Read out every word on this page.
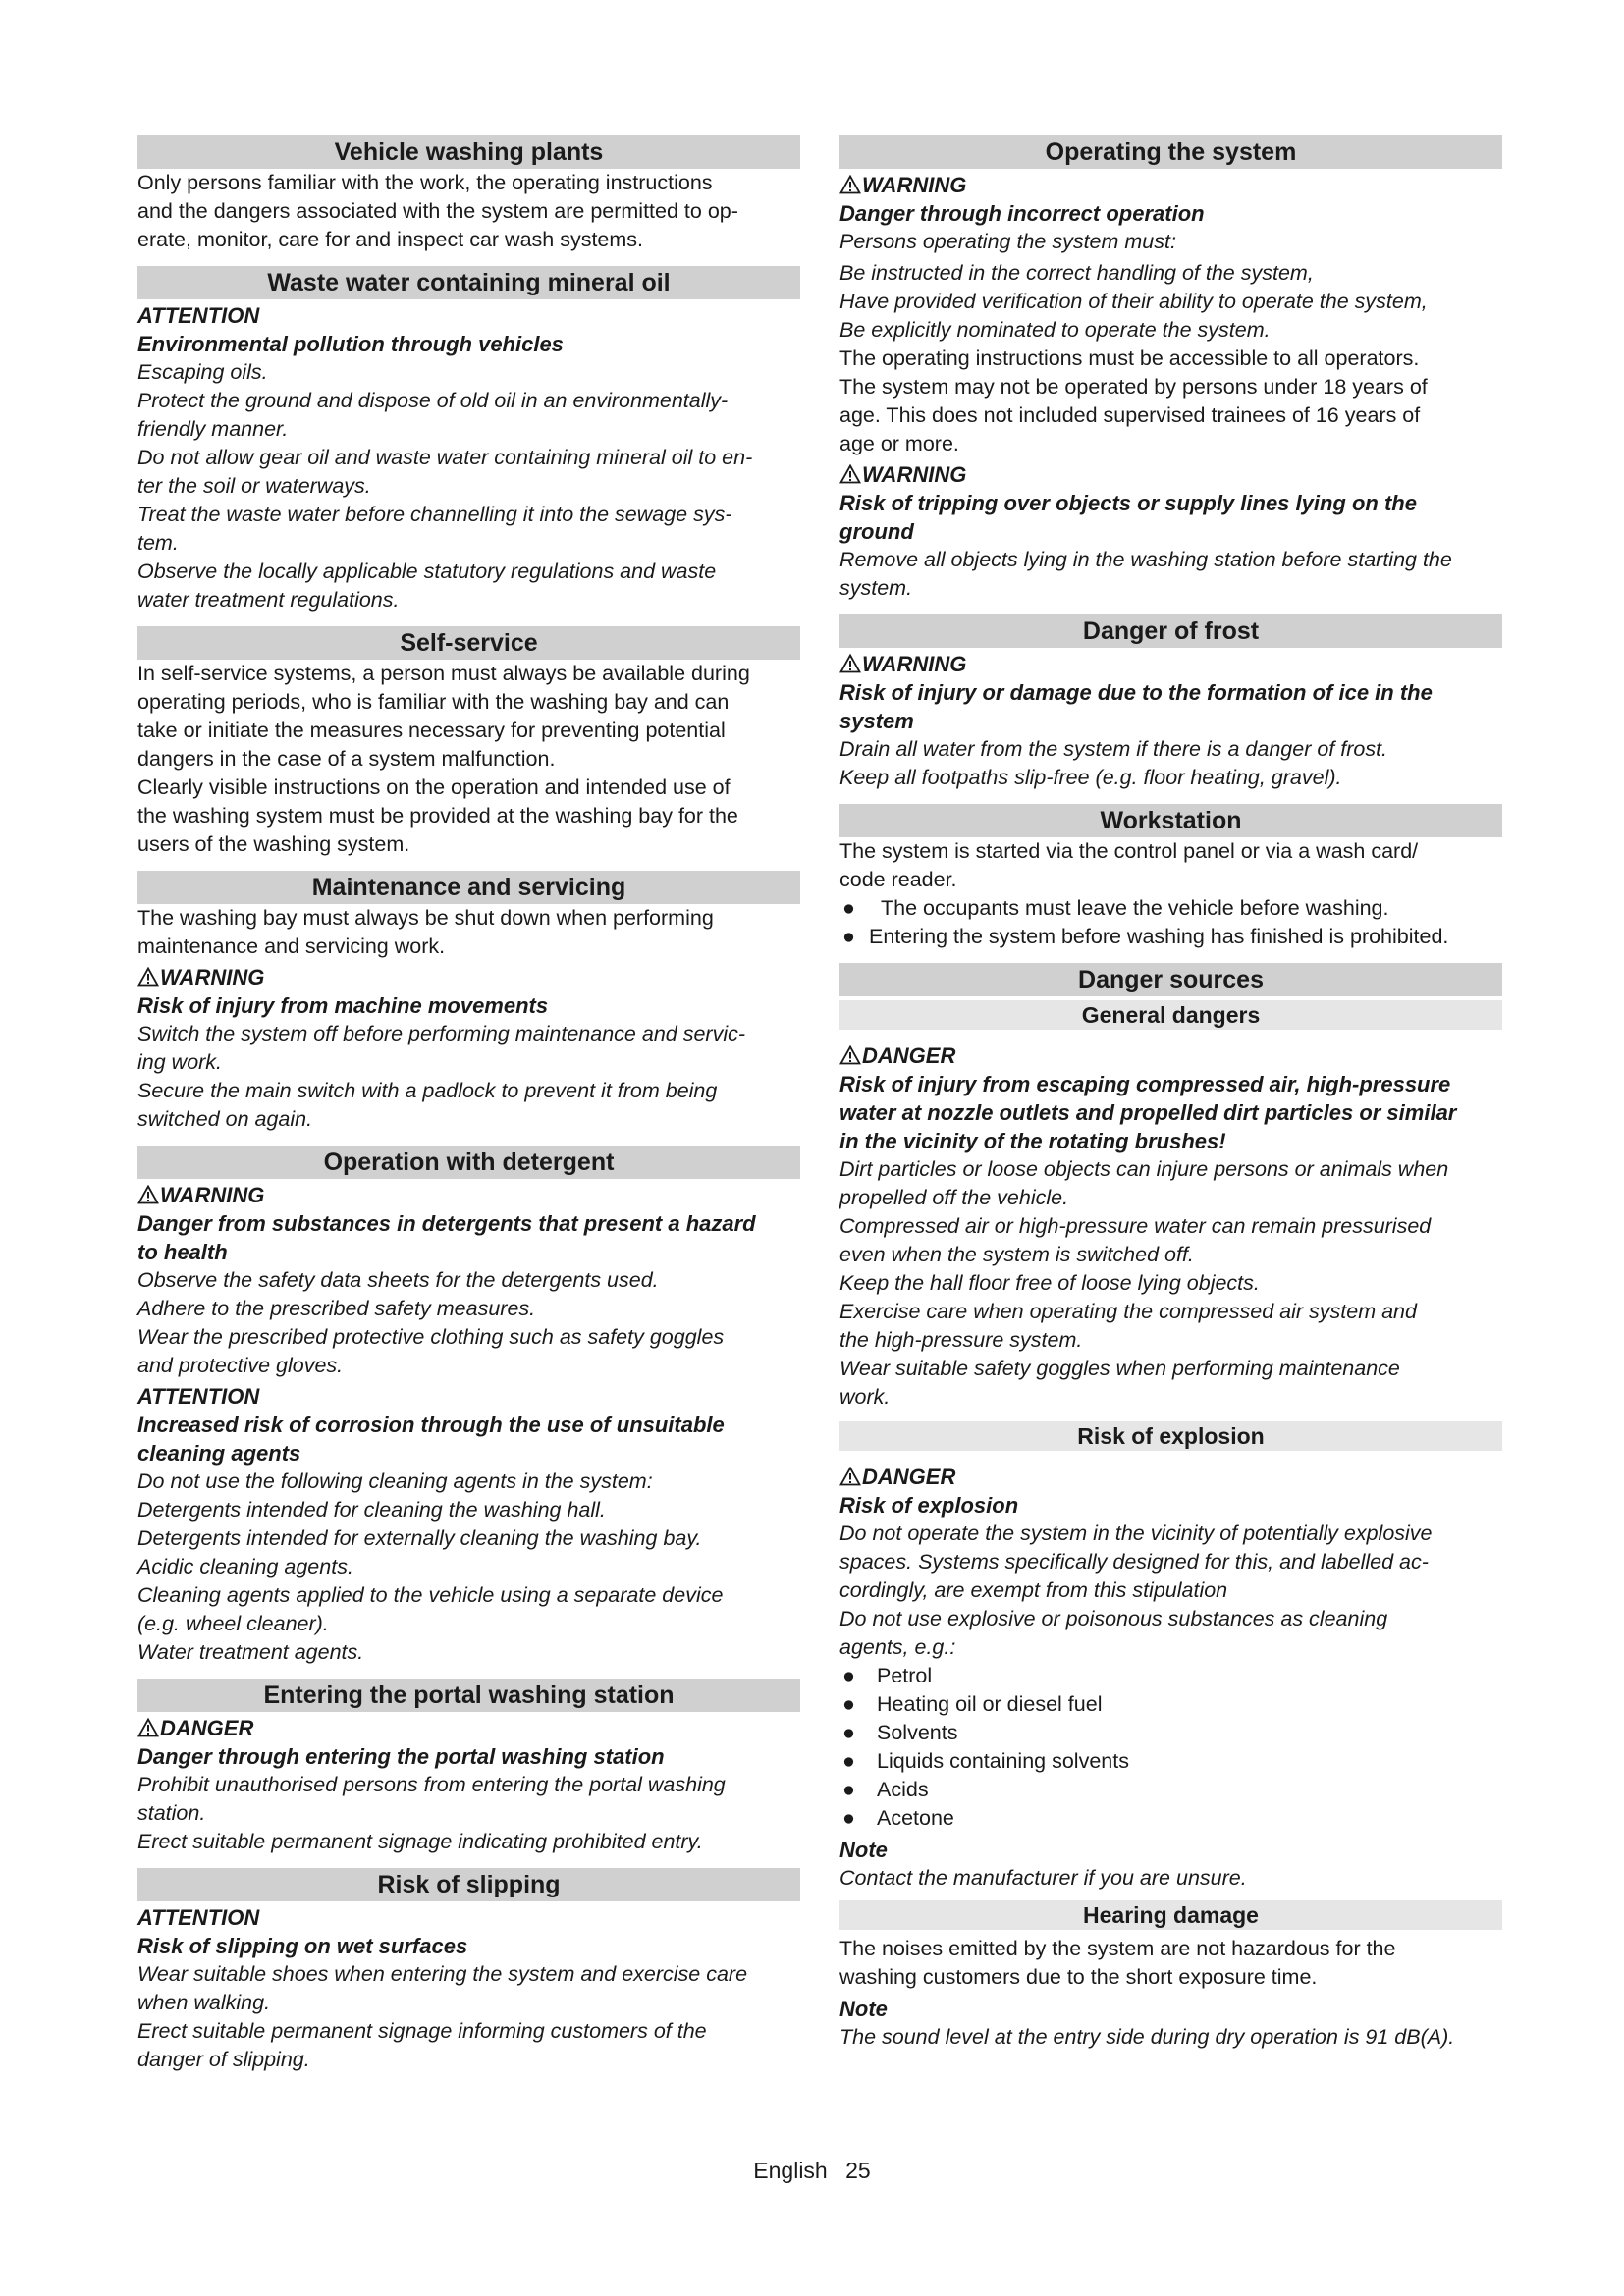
Vehicle washing plants
Only persons familiar with the work, the operating instructions
and the dangers associated with the system are permitted to op-
erate, monitor, care for and inspect car wash systems.
Waste water containing mineral oil
ATTENTION
Environmental pollution through vehicles
Escaping oils.
Protect the ground and dispose of old oil in an environmentally-
friendly manner.
Do not allow gear oil and waste water containing mineral oil to en-
ter the soil or waterways.
Treat the waste water before channelling it into the sewage sys-
tem.
Observe the locally applicable statutory regulations and waste
water treatment regulations.
Self-service
In self-service systems, a person must always be available during
operating periods, who is familiar with the washing bay and can
take or initiate the measures necessary for preventing potential
dangers in the case of a system malfunction.
Clearly visible instructions on the operation and intended use of
the washing system must be provided at the washing bay for the
users of the washing system.
Maintenance and servicing
The washing bay must always be shut down when performing
maintenance and servicing work.
WARNING
Risk of injury from machine movements
Switch the system off before performing maintenance and servic-
ing work.
Secure the main switch with a padlock to prevent it from being
switched on again.
Operation with detergent
WARNING
Danger from substances in detergents that present a hazard
to health
Observe the safety data sheets for the detergents used.
Adhere to the prescribed safety measures.
Wear the prescribed protective clothing such as safety goggles
and protective gloves.
ATTENTION
Increased risk of corrosion through the use of unsuitable
cleaning agents
Do not use the following cleaning agents in the system:
Detergents intended for cleaning the washing hall.
Detergents intended for externally cleaning the washing bay.
Acidic cleaning agents.
Cleaning agents applied to the vehicle using a separate device
(e.g. wheel cleaner).
Water treatment agents.
Entering the portal washing station
DANGER
Danger through entering the portal washing station
Prohibit unauthorised persons from entering the portal washing
station.
Erect suitable permanent signage indicating prohibited entry.
Risk of slipping
ATTENTION
Risk of slipping on wet surfaces
Wear suitable shoes when entering the system and exercise care
when walking.
Erect suitable permanent signage informing customers of the
danger of slipping.
Operating the system
WARNING
Danger through incorrect operation
Persons operating the system must:
Be instructed in the correct handling of the system,
Have provided verification of their ability to operate the system,
Be explicitly nominated to operate the system.
The operating instructions must be accessible to all operators.
The system may not be operated by persons under 18 years of
age. This does not included supervised trainees of 16 years of
age or more.
WARNING
Risk of tripping over objects or supply lines lying on the
ground
Remove all objects lying in the washing station before starting the
system.
Danger of frost
WARNING
Risk of injury or damage due to the formation of ice in the
system
Drain all water from the system if there is a danger of frost.
Keep all footpaths slip-free (e.g. floor heating, gravel).
Workstation
The system is started via the control panel or via a wash card/
code reader.
● The occupants must leave the vehicle before washing.
● Entering the system before washing has finished is prohibited.
Danger sources
General dangers
DANGER
Risk of injury from escaping compressed air, high-pressure
water at nozzle outlets and propelled dirt particles or similar
in the vicinity of the rotating brushes!
Dirt particles or loose objects can injure persons or animals when
propelled off the vehicle.
Compressed air or high-pressure water can remain pressurised
even when the system is switched off.
Keep the hall floor free of loose lying objects.
Exercise care when operating the compressed air system and
the high-pressure system.
Wear suitable safety goggles when performing maintenance
work.
Risk of explosion
DANGER
Risk of explosion
Do not operate the system in the vicinity of potentially explosive
spaces. Systems specifically designed for this, and labelled ac-
cordingly, are exempt from this stipulation
Do not use explosive or poisonous substances as cleaning
agents, e.g.:
● Petrol
● Heating oil or diesel fuel
● Solvents
● Liquids containing solvents
● Acids
● Acetone
Note
Contact the manufacturer if you are unsure.
Hearing damage
The noises emitted by the system are not hazardous for the
washing customers due to the short exposure time.
Note
The sound level at the entry side during dry operation is 91 dB(A).
English 25
